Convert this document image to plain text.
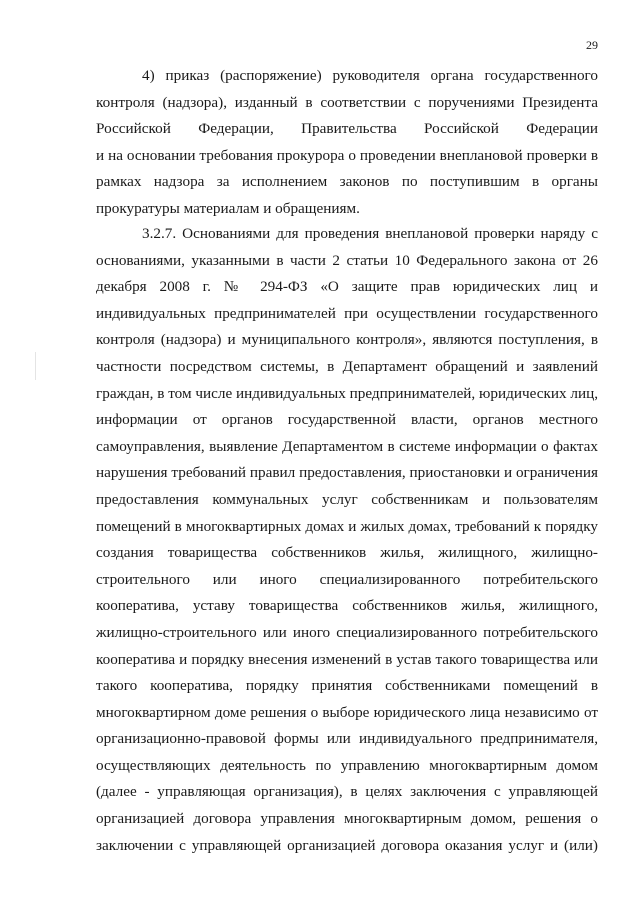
29
4) приказ (распоряжение) руководителя органа государственного
контроля (надзора), изданный в соответствии с поручениями Президента
Российской Федерации, Правительства Российской Федерации
и на основании требования прокурора о проведении внеплановой проверки в
рамках надзора за исполнением законов по поступившим в органы
прокуратуры материалам и обращениям.
3.2.7. Основаниями для проведения внеплановой проверки наряду с
основаниями, указанными в части 2 статьи 10 Федерального закона от 26
декабря 2008 г. № 294-ФЗ «О защите прав юридических лиц и
индивидуальных предпринимателей при осуществлении государственного
контроля (надзора) и муниципального контроля», являются поступления, в
частности посредством системы, в Департамент обращений и заявлений
граждан, в том числе индивидуальных предпринимателей, юридических лиц,
информации от органов государственной власти, органов местного
самоуправления, выявление Департаментом в системе информации о фактах
нарушения требований правил предоставления, приостановки и ограничения
предоставления коммунальных услуг собственникам и пользователям
помещений в многоквартирных домах и жилых домах, требований к порядку
создания товарищества собственников жилья, жилищного, жилищно-
строительного или иного специализированного потребительского
кооператива, уставу товарищества собственников жилья, жилищного,
жилищно-строительного или иного специализированного потребительского
кооператива и порядку внесения изменений в устав такого товарищества или
такого кооператива, порядку принятия собственниками помещений в
многоквартирном доме решения о выборе юридического лица независимо от
организационно-правовой формы или индивидуального предпринимателя,
осуществляющих деятельность по управлению многоквартирным домом
(далее - управляющая организация), в целях заключения с управляющей
организацией договора управления многоквартирным домом, решения о
заключении с управляющей организацией договора оказания услуг и (или)
